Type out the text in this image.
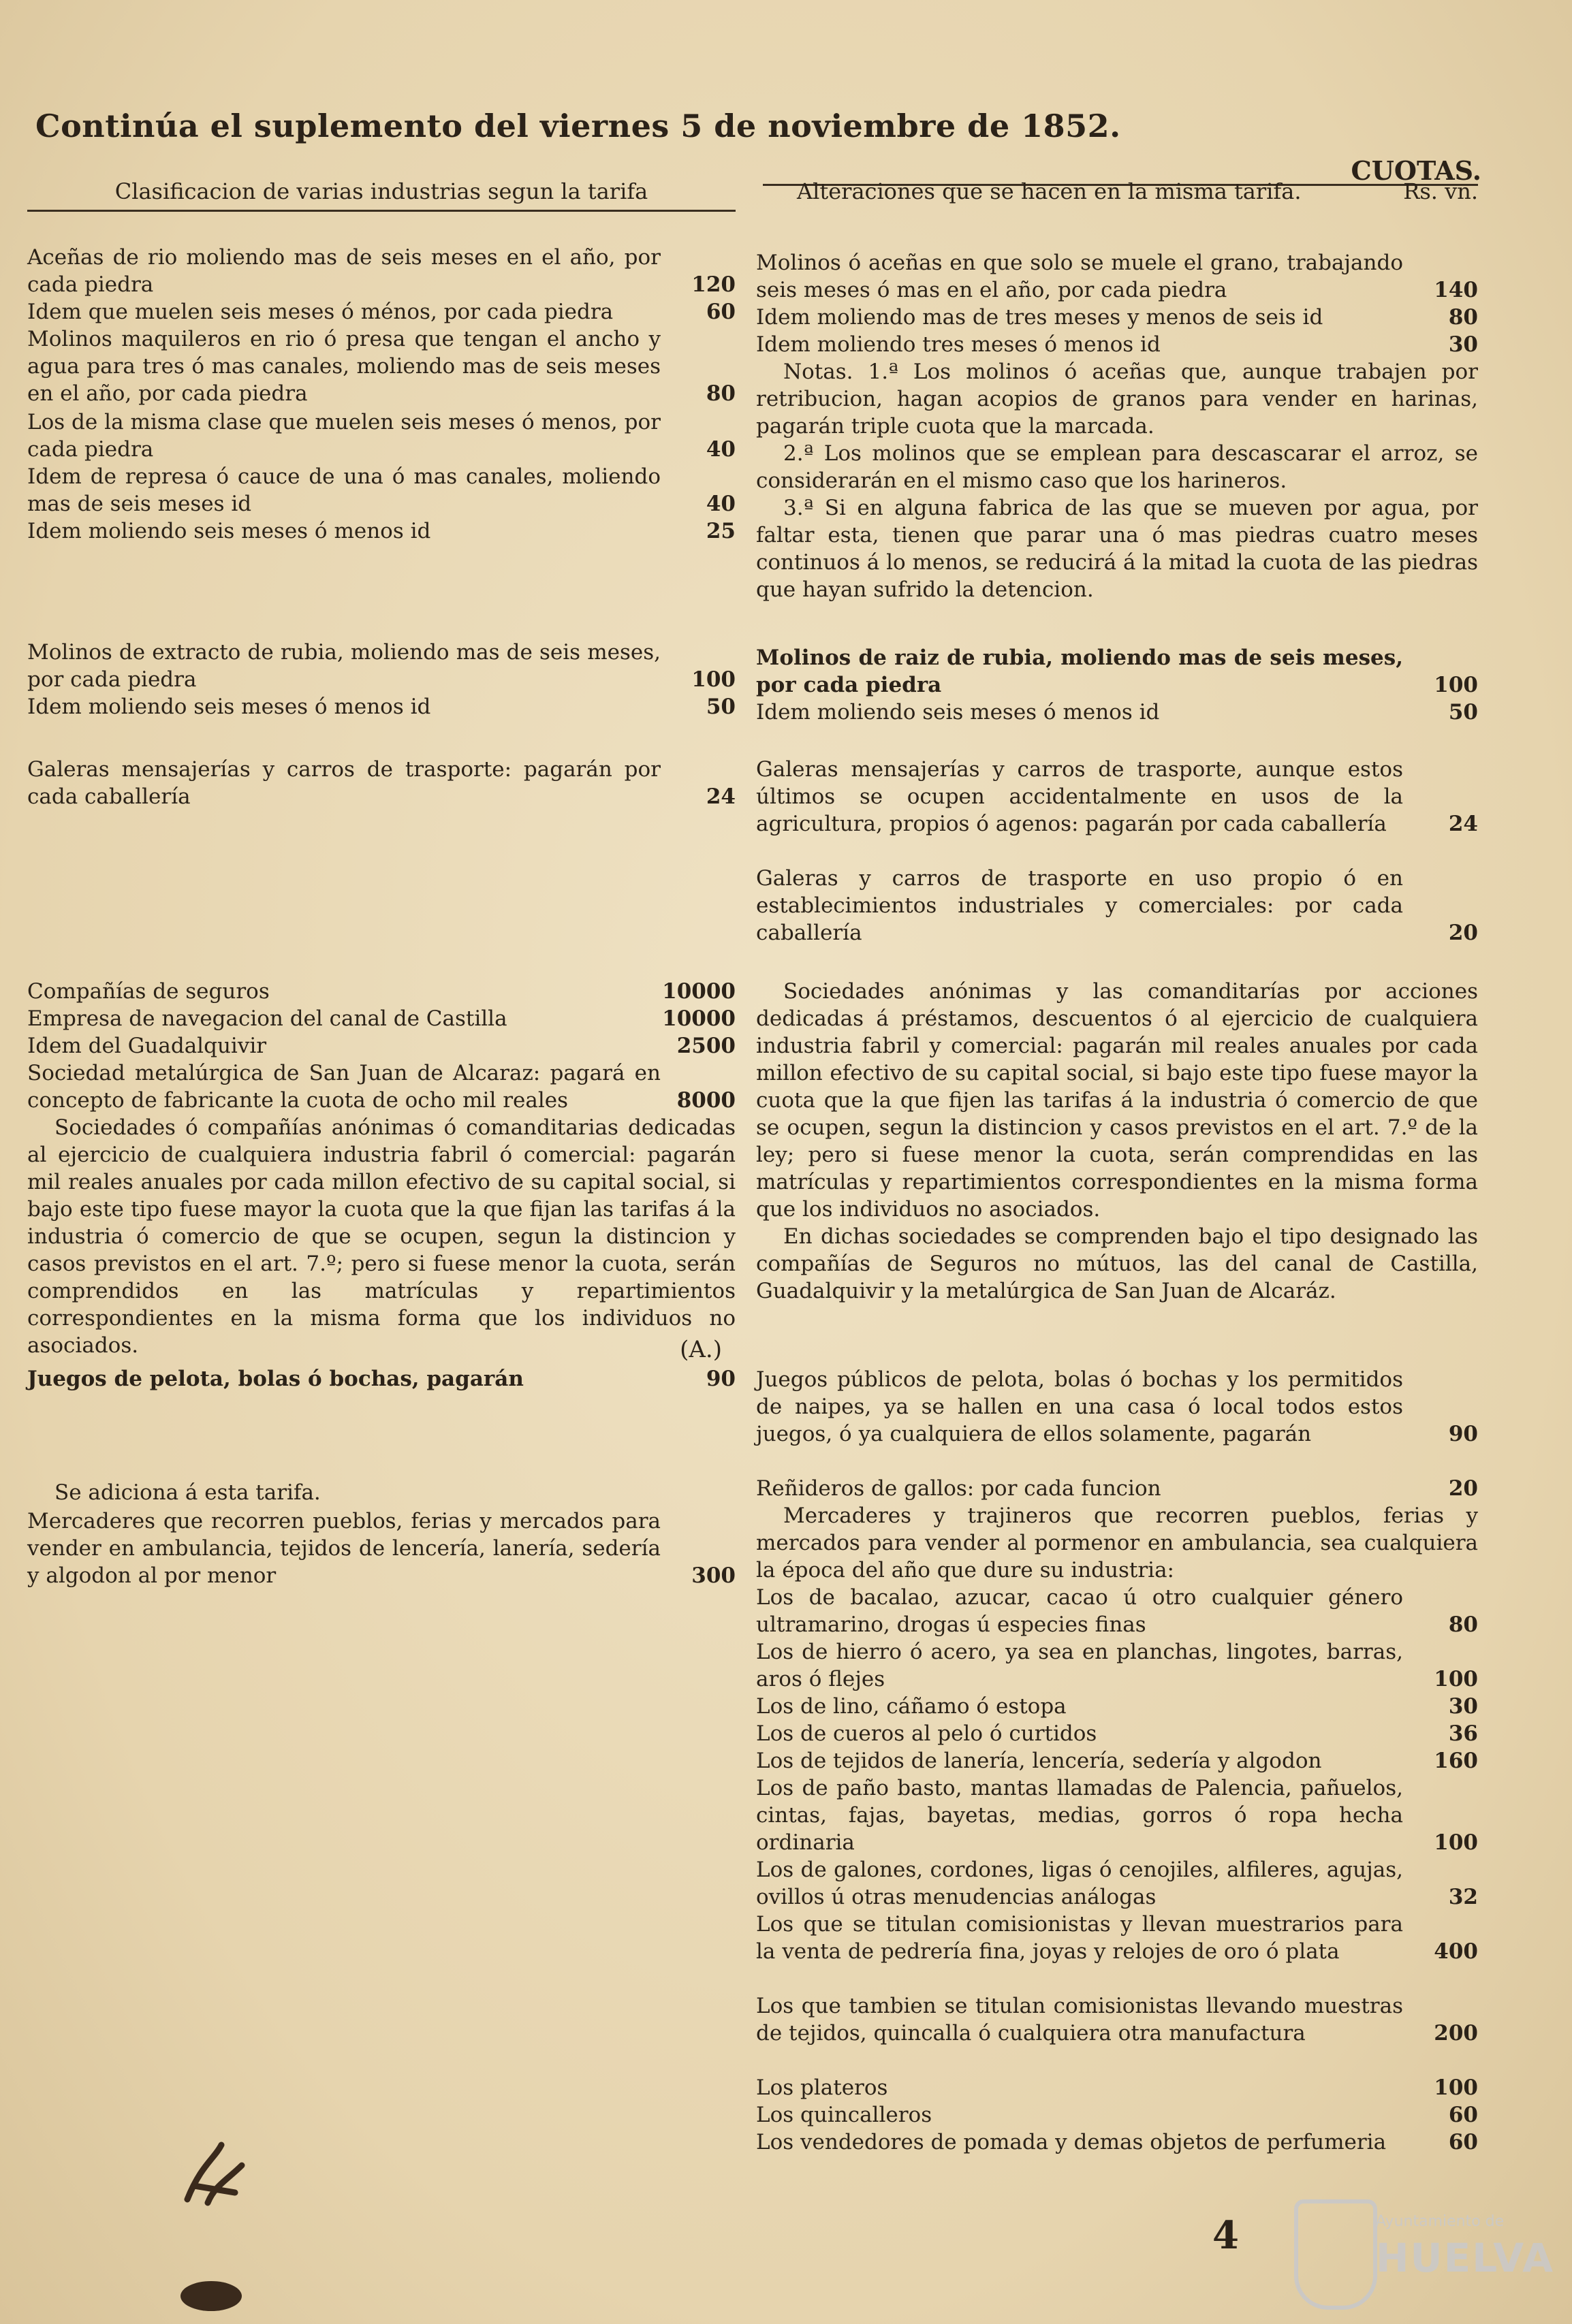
Continúa el suplemento del viernes 5 de noviembre de 1852.
CUOTAS.
Clasificacion de varias industrias segun la tarifa	Alteraciones que se hacen en la misma tarifa.	Rs. vn.
Aceñas de rio moliendo mas de seis meses en el año, por cada piedra	120
Idem que muelen seis meses ó ménos, por cada piedra	60
Molinos maquileros en rio ó presa que tengan el ancho y agua para tres ó mas canales, moliendo mas de seis meses en el año, por cada piedra	80
Los de la misma clase que muelen seis meses ó menos, por cada piedra	40
Idem de represa ó cauce de una ó mas canales, moliendo mas de seis meses id	40
Idem moliendo seis meses ó menos id	25
Molinos de extracto de rubia, moliendo mas de seis meses, por cada piedra	100
Idem moliendo seis meses ó menos id	50
Galeras mensajerías y carros de trasporte: pagarán por cada caballería	24
Compañías de seguros	10000
Empresa de navegacion del canal de Castilla	10000
Idem del Guadalquivir	2500
Sociedad metalúrgica de San Juan de Alcaraz: pagará en concepto de fabricante la cuota de ocho mil reales	8000
Sociedades ó compañías anónimas ó comanditarias dedicadas al ejercicio de cualquiera industria fabril ó comercial: pagarán mil reales anuales por cada millon efectivo de su capital social, si bajo este tipo fuese mayor la cuota que la que fijan las tarifas á la industria ó comercio de que se ocupen, segun la distincion y casos previstos en el art. 7.º; pero si fuese menor la cuota, serán comprendidos en las matrículas y repartimientos correspondientes en la misma forma que los individuos no asociados.	(A.)
Juegos de pelota, bolas ó bochas, pagarán	90
Se adiciona á esta tarifa.
Mercaderes que recorren pueblos, ferias y mercados para vender en ambulancia, tejidos de lencería, lanería, sedería y algodon al por menor	300
Molinos ó aceñas en que solo se muele el grano, trabajando seis meses ó mas en el año, por cada piedra	140
Idem moliendo mas de tres meses y menos de seis id	80
Idem moliendo tres meses ó menos id	30
Notas. 1.ª Los molinos ó aceñas que, aunque trabajen por retribucion, hagan acopios de granos para vender en harinas, pagarán triple cuota que la marcada.
2.ª Los molinos que se emplean para descascarar el arroz, se considerarán en el mismo caso que los harineros.
3.ª Si en alguna fabrica de las que se mueven por agua, por faltar esta, tienen que parar una ó mas piedras cuatro meses continuos á lo menos, se reducirá á la mitad la cuota de las piedras que hayan sufrido la detencion.
Molinos de raiz de rubia, moliendo mas de seis meses, por cada piedra	100
Idem moliendo seis meses ó menos id	50
Galeras mensajerías y carros de trasporte, aunque estos últimos se ocupen accidentalmente en usos de la agricultura, propios ó agenos: pagarán por cada caballería	24
Galeras y carros de trasporte en uso propio ó en establecimientos industriales y comerciales: por cada caballería	20
Sociedades anónimas y las comanditarías por acciones dedicadas á préstamos, descuentos ó al ejercicio de cualquiera industria fabril y comercial: pagarán mil reales anuales por cada millon efectivo de su capital social, si bajo este tipo fuese mayor la cuota que la que fijen las tarifas á la industria ó comercio de que se ocupen, segun la distincion y casos previstos en el art. 7.º de la ley; pero si fuese menor la cuota, serán comprendidas en las matrículas y repartimientos correspondientes en la misma forma que los individuos no asociados.
En dichas sociedades se comprenden bajo el tipo designado las compañías de Seguros no mútuos, las del canal de Castilla, Guadalquivir y la metalúrgica de San Juan de Alcaráz.
Juegos públicos de pelota, bolas ó bochas y los permitidos de naipes, ya se hallen en una casa ó local todos estos juegos, ó ya cualquiera de ellos solamente, pagarán	90
Reñideros de gallos: por cada funcion	20
Mercaderes y trajineros que recorren pueblos, ferias y mercados para vender al pormenor en ambulancia, sea cualquiera la época del año que dure su industria:
Los de bacalao, azucar, cacao ú otro cualquier género ultramarino, drogas ú especies finas	80
Los de hierro ó acero, ya sea en planchas, lingotes, barras, aros ó flejes	100
Los de lino, cáñamo ó estopa	30
Los de cueros al pelo ó curtidos	36
Los de tejidos de lanería, lencería, sedería y algodon	160
Los de paño basto, mantas llamadas de Palencia, pañuelos, cintas, fajas, bayetas, medias, gorros ó ropa hecha ordinaria	100
Los de galones, cordones, ligas ó cenojiles, alfileres, agujas, ovillos ú otras menudencias análogas	32
Los que se titulan comisionistas y llevan muestrarios para la venta de pedrería fina, joyas y relojes de oro ó plata	400
Los que tambien se titulan comisionistas llevando muestras de tejidos, quincalla ó cualquiera otra manufactura	200
Los plateros	100
Los quincalleros	60
Los vendedores de pomada y demas objetos de perfumeria	60
4	Ayuntamiento de
HUELVA
